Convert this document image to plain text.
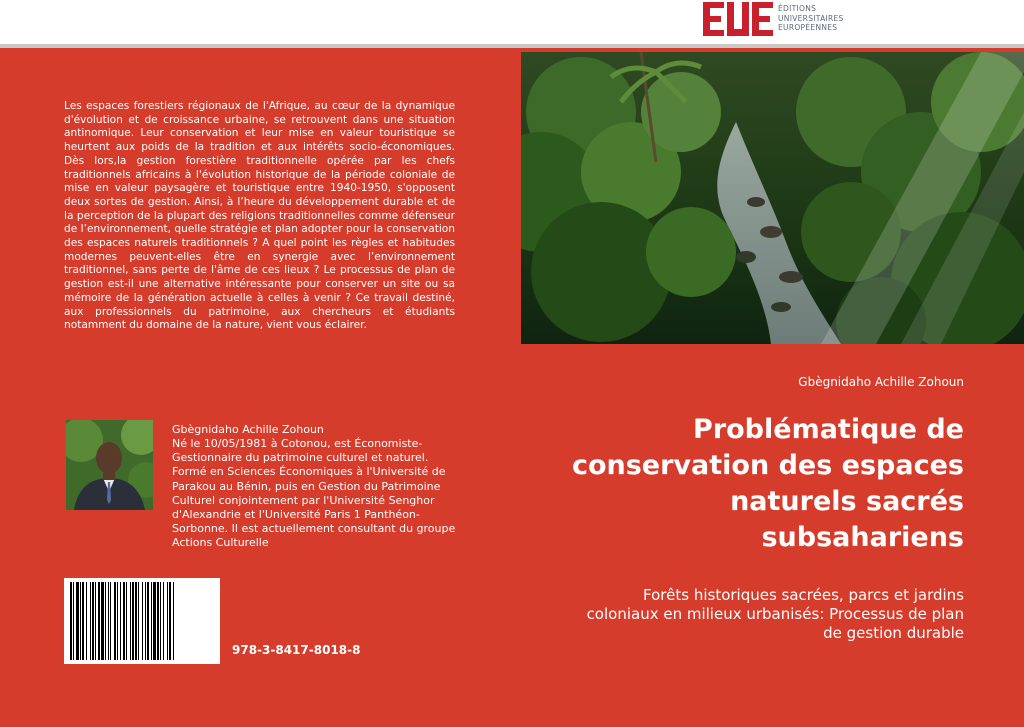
ÉDITIONS
UNIVERSITAIRES
EUROPÉENNES

Les espaces forestiers régionaux de l'Afrique, au cœur de la dynamique d'évolution et de croissance urbaine, se retrouvent dans une situation antinomique. Leur conservation et leur mise en valeur touristique se heurtent aux poids de la tradition et aux intérêts socio-économiques. Dès lors,la gestion forestière traditionnelle opérée par les chefs traditionnels africains à l'évolution historique de la période coloniale de mise en valeur paysagère et touristique entre 1940-1950, s'opposent deux sortes de gestion. Ainsi, à l’heure du développement durable et de la perception de la plupart des religions traditionnelles comme défenseur de l’environnement, quelle stratégie et plan adopter pour la conservation des espaces naturels traditionnels ? A quel point les règles et habitudes modernes peuvent-elles être en synergie avec l’environnement traditionnel, sans perte de l'âme de ces lieux ? Le processus de plan de gestion est-il une alternative intéressante pour conserver un site ou sa mémoire de la génération actuelle à celles à venir ? Ce travail destiné, aux professionnels du patrimoine, aux chercheurs et étudiants notamment du domaine de la nature, vient vous éclairer.

Gbègnidaho Achille Zohoun
Problématique de conservation des espaces naturels sacrés subsahariens

Forêts historiques sacrées, parcs et jardins coloniaux en milieux urbanisés: Processus de plan de gestion durable

Gbègnidaho Achille Zohoun

Né le 10/05/1981 à Cotonou, est Économiste-Gestionnaire du patrimoine culturel et naturel. Formé en Sciences Économiques à l'Université de Parakou au Bénin, puis en Gestion du Patrimoine Culturel conjointement par l'Université Senghor d'Alexandrie et l'Université Paris 1 Panthéon-Sorbonne. Il est actuellement consultant du groupe Actions Culturelle

978-3-8417-8018-8
